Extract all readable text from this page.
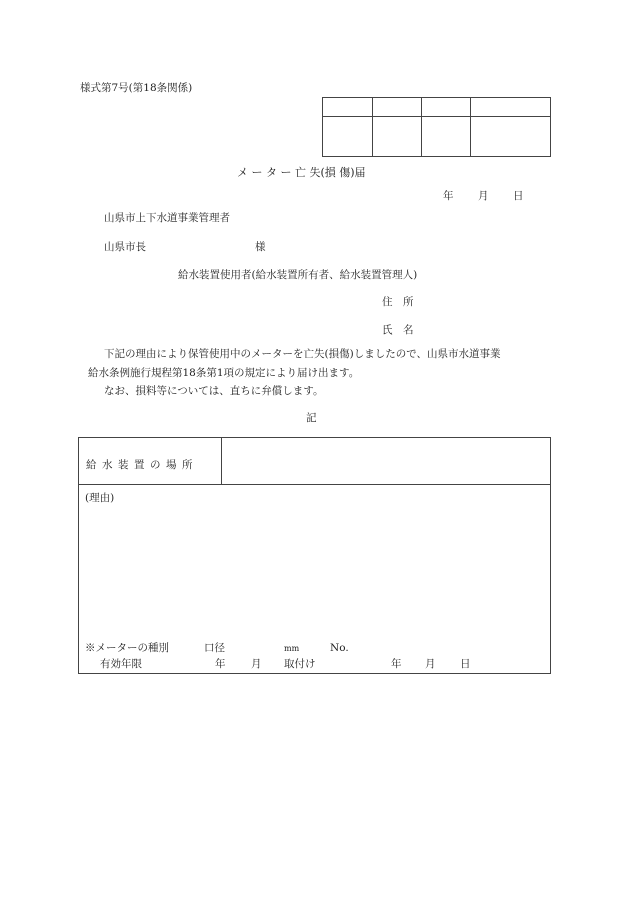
様式第7号(第18条関係)

メ ー タ ー 亡 失(損 傷)届
年 月 日
山県市上下水道事業管理者
山県市長	様
給水装置使用者(給水装置所有者、給水装置管理人)
住　所
氏　名
下記の理由により保管使用中のメーターを亡失(損傷)しましたので、山県市水道事業
給水条例施行規程第18条第1項の規定により届け出ます。
なお、損料等については、直ちに弁償します。
記
給水装置の場所
(理由)
※メーターの種別	口径	mm	No.
有効年限	年 月 取付け	年 月 日
